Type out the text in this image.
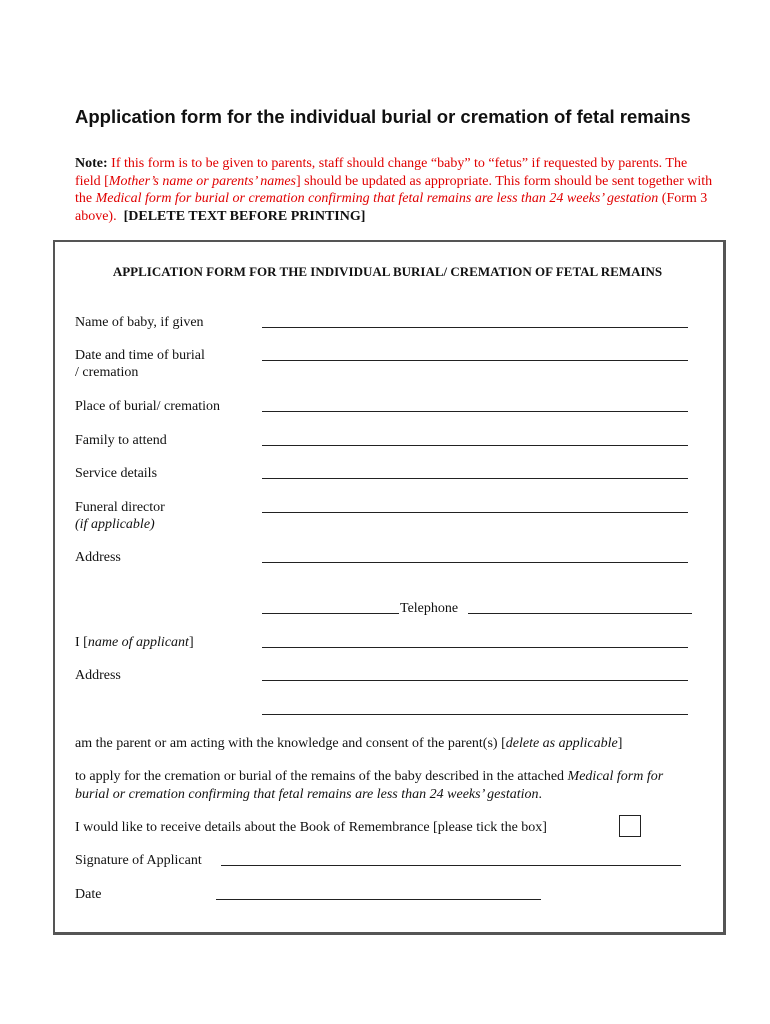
Application form for the individual burial or cremation of fetal remains
Note: If this form is to be given to parents, staff should change “baby” to “fetus” if requested by parents. The field [Mother’s name or parents’ names] should be updated as appropriate. This form should be sent together with the Medical form for burial or cremation confirming that fetal remains are less than 24 weeks’ gestation (Form 3 above). [DELETE TEXT BEFORE PRINTING]
APPLICATION FORM FOR THE INDIVIDUAL BURIAL/ CREMATION OF FETAL REMAINS
Name of baby, if given
Date and time of burial
/ cremation
Place of burial/ cremation
Family to attend
Service details
Funeral director
(if applicable)
Address
Telephone
I [name of applicant]
Address
am the parent or am acting with the knowledge and consent of the parent(s) [delete as applicable]
to apply for the cremation or burial of the remains of the baby described in the attached Medical form for burial or cremation confirming that fetal remains are less than 24 weeks’ gestation.
I would like to receive details about the Book of Remembrance [please tick the box]
Signature of Applicant
Date
